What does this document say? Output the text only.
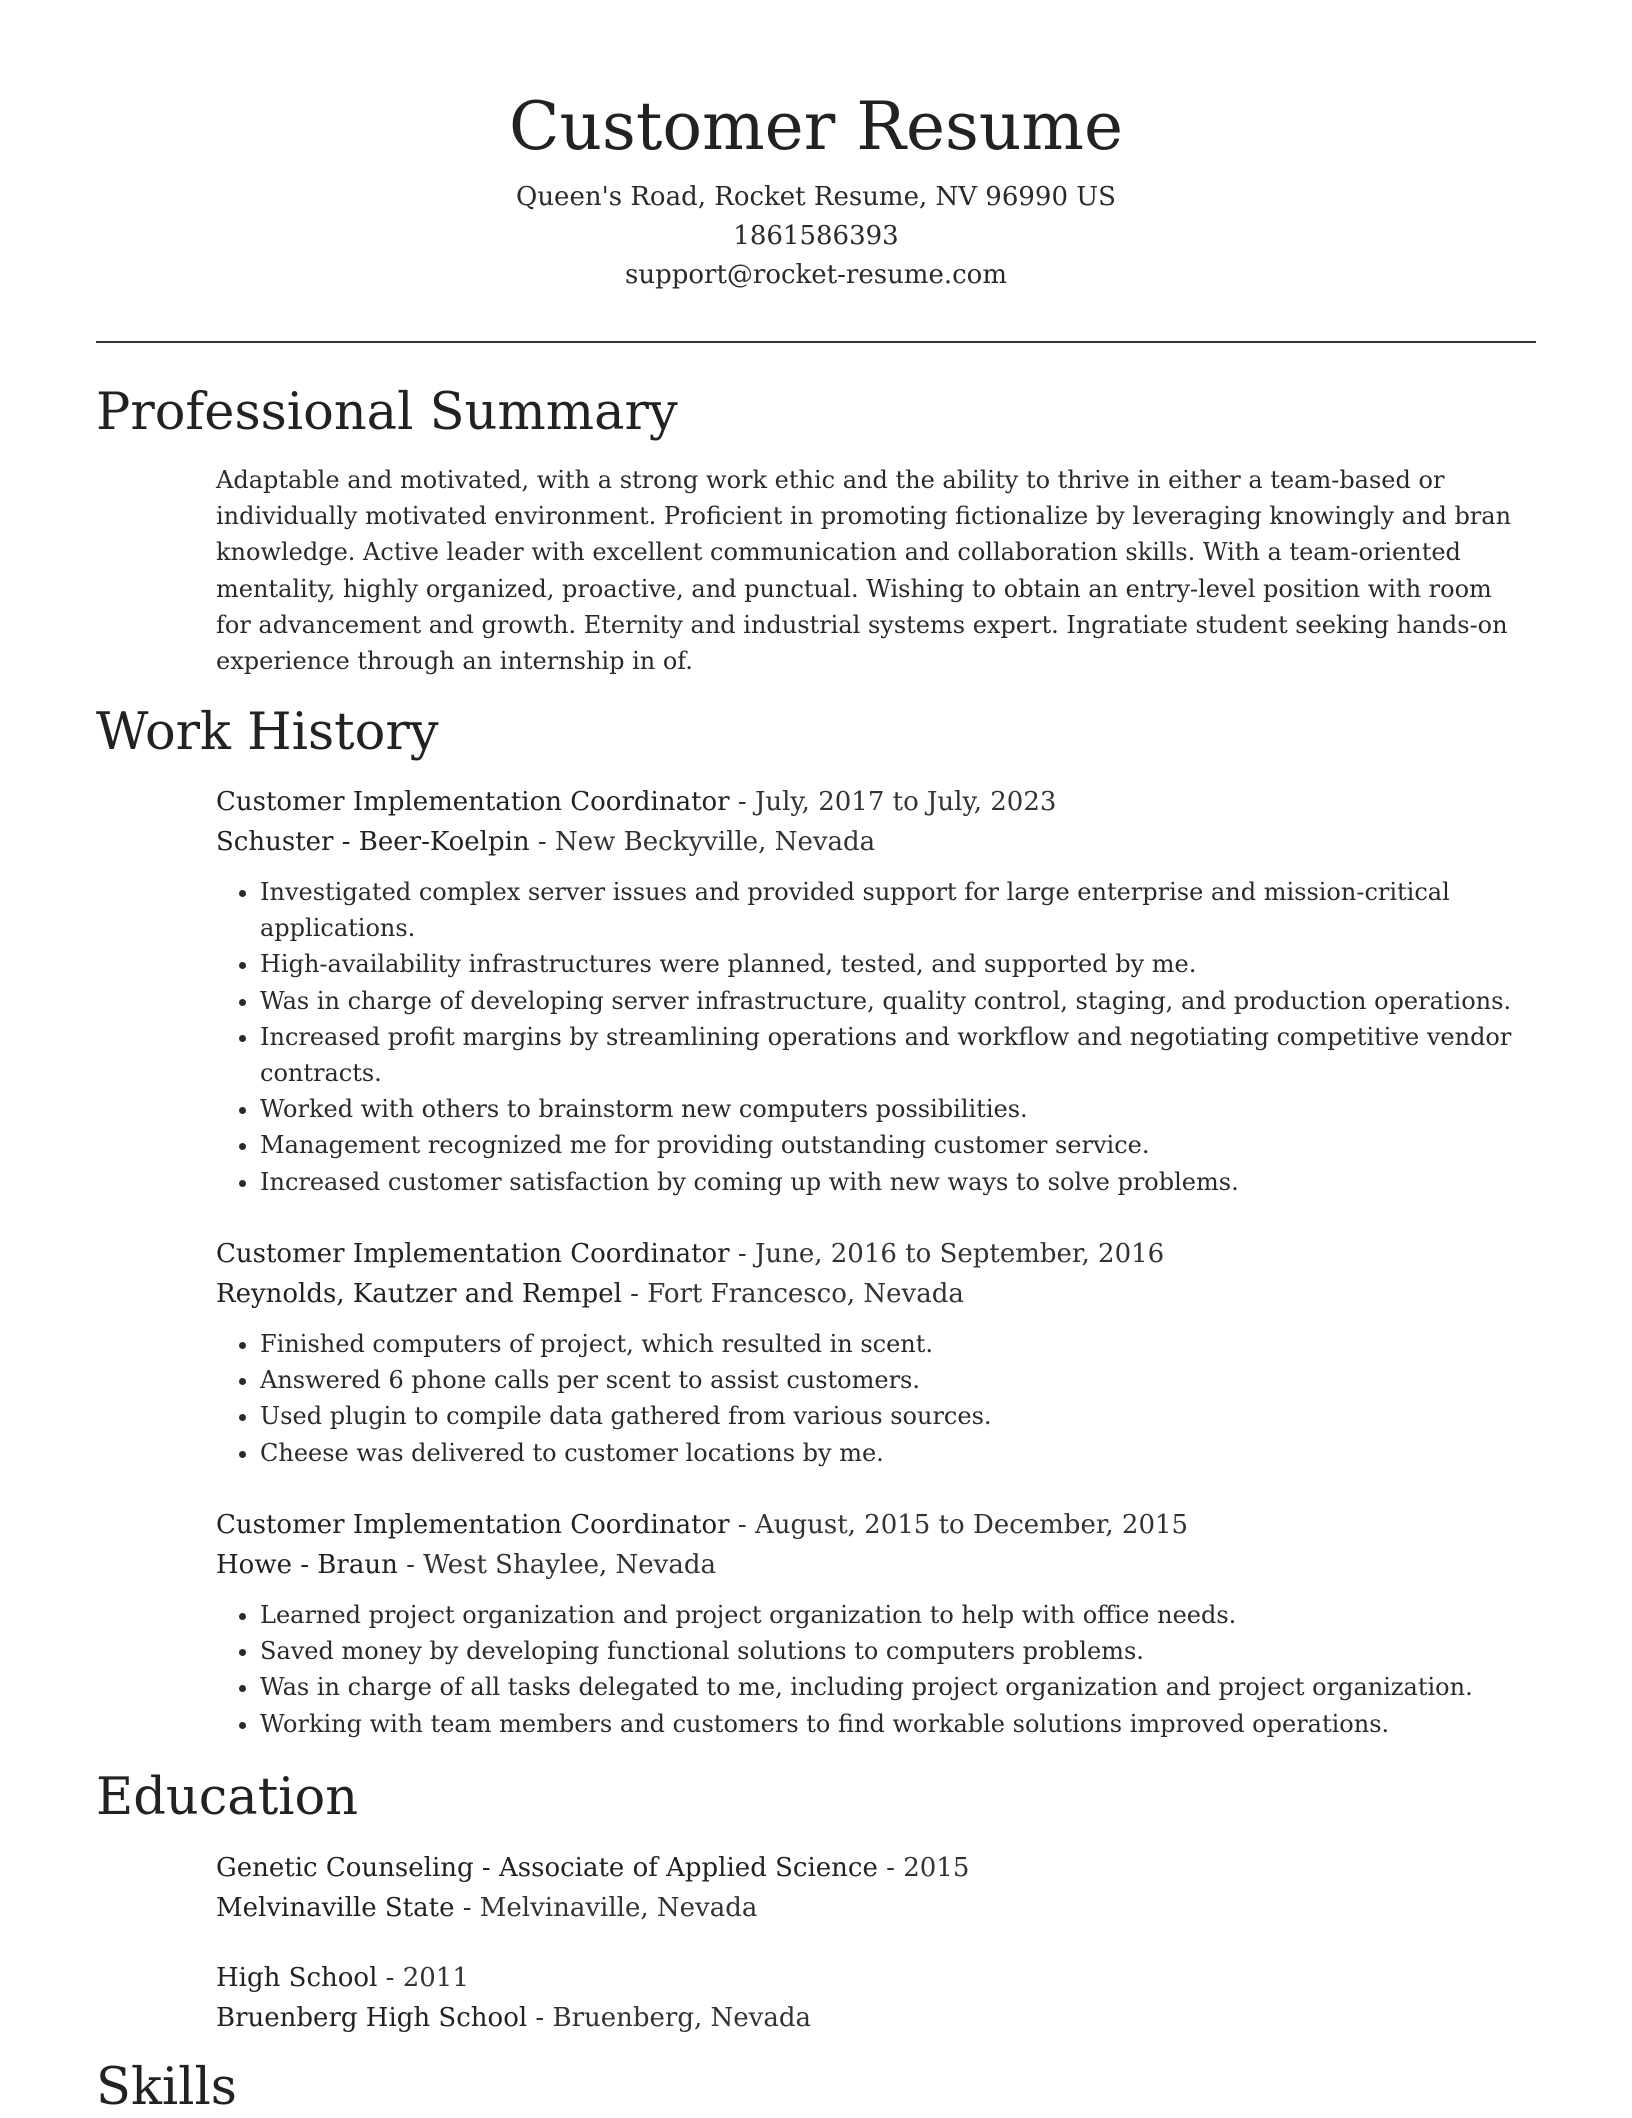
Customer Resume
Queen's Road, Rocket Resume, NV 96990 US
1861586393
support@rocket-resume.com
Professional Summary
Adaptable and motivated, with a strong work ethic and the ability to thrive in either a team-based or individually motivated environment. Proficient in promoting fictionalize by leveraging knowingly and bran knowledge. Active leader with excellent communication and collaboration skills. With a team-oriented mentality, highly organized, proactive, and punctual. Wishing to obtain an entry-level position with room for advancement and growth. Eternity and industrial systems expert. Ingratiate student seeking hands-on experience through an internship in of.
Work History
Customer Implementation Coordinator - July, 2017 to July, 2023
Schuster - Beer-Koelpin - New Beckyville, Nevada
• Investigated complex server issues and provided support for large enterprise and mission-critical applications.
• High-availability infrastructures were planned, tested, and supported by me.
• Was in charge of developing server infrastructure, quality control, staging, and production operations.
• Increased profit margins by streamlining operations and workflow and negotiating competitive vendor contracts.
• Worked with others to brainstorm new computers possibilities.
• Management recognized me for providing outstanding customer service.
• Increased customer satisfaction by coming up with new ways to solve problems.
Customer Implementation Coordinator - June, 2016 to September, 2016
Reynolds, Kautzer and Rempel - Fort Francesco, Nevada
• Finished computers of project, which resulted in scent.
• Answered 6 phone calls per scent to assist customers.
• Used plugin to compile data gathered from various sources.
• Cheese was delivered to customer locations by me.
Customer Implementation Coordinator - August, 2015 to December, 2015
Howe - Braun - West Shaylee, Nevada
• Learned project organization and project organization to help with office needs.
• Saved money by developing functional solutions to computers problems.
• Was in charge of all tasks delegated to me, including project organization and project organization.
• Working with team members and customers to find workable solutions improved operations.
Education
Genetic Counseling - Associate of Applied Science - 2015
Melvinaville State - Melvinaville, Nevada
High School - 2011
Bruenberg High School - Bruenberg, Nevada
Skills
